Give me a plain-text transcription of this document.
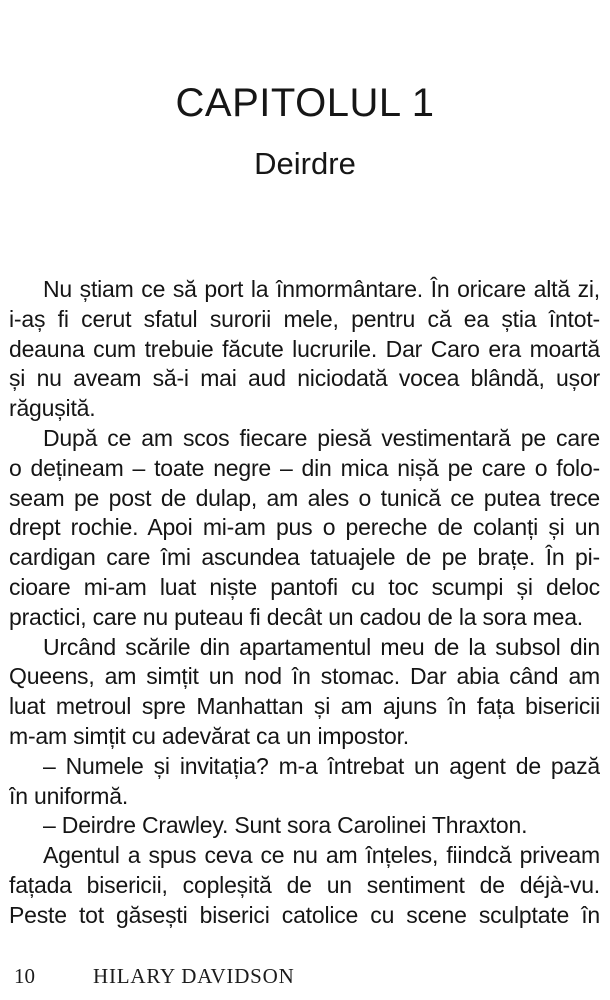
CAPITOLUL 1
Deirdre
Nu știam ce să port la înmormântare. În oricare altă zi,
i-aș fi cerut sfatul surorii mele, pentru că ea știa întot-
deauna cum trebuie făcute lucrurile. Dar Caro era moartă
și nu aveam să-i mai aud niciodată vocea blândă, ușor
răgușită.
După ce am scos fiecare piesă vestimentară pe care
o dețineam – toate negre – din mica nișă pe care o folo-
seam pe post de dulap, am ales o tunică ce putea trece
drept rochie. Apoi mi-am pus o pereche de colanți și un
cardigan care îmi ascundea tatuajele de pe brațe. În pi-
cioare mi-am luat niște pantofi cu toc scumpi și deloc
practici, care nu puteau fi decât un cadou de la sora mea.
Urcând scările din apartamentul meu de la subsol din
Queens, am simțit un nod în stomac. Dar abia când am
luat metroul spre Manhattan și am ajuns în fața bisericii
m-am simțit cu adevărat ca un impostor.
– Numele și invitația? m-a întrebat un agent de pază
în uniformă.
– Deirdre Crawley. Sunt sora Carolinei Thraxton.
Agentul a spus ceva ce nu am înțeles, fiindcă priveam
fațada bisericii, copleșită de un sentiment de déjà-vu.
Peste tot găsești biserici catolice cu scene sculptate în
10	HILARY DAVIDSON
